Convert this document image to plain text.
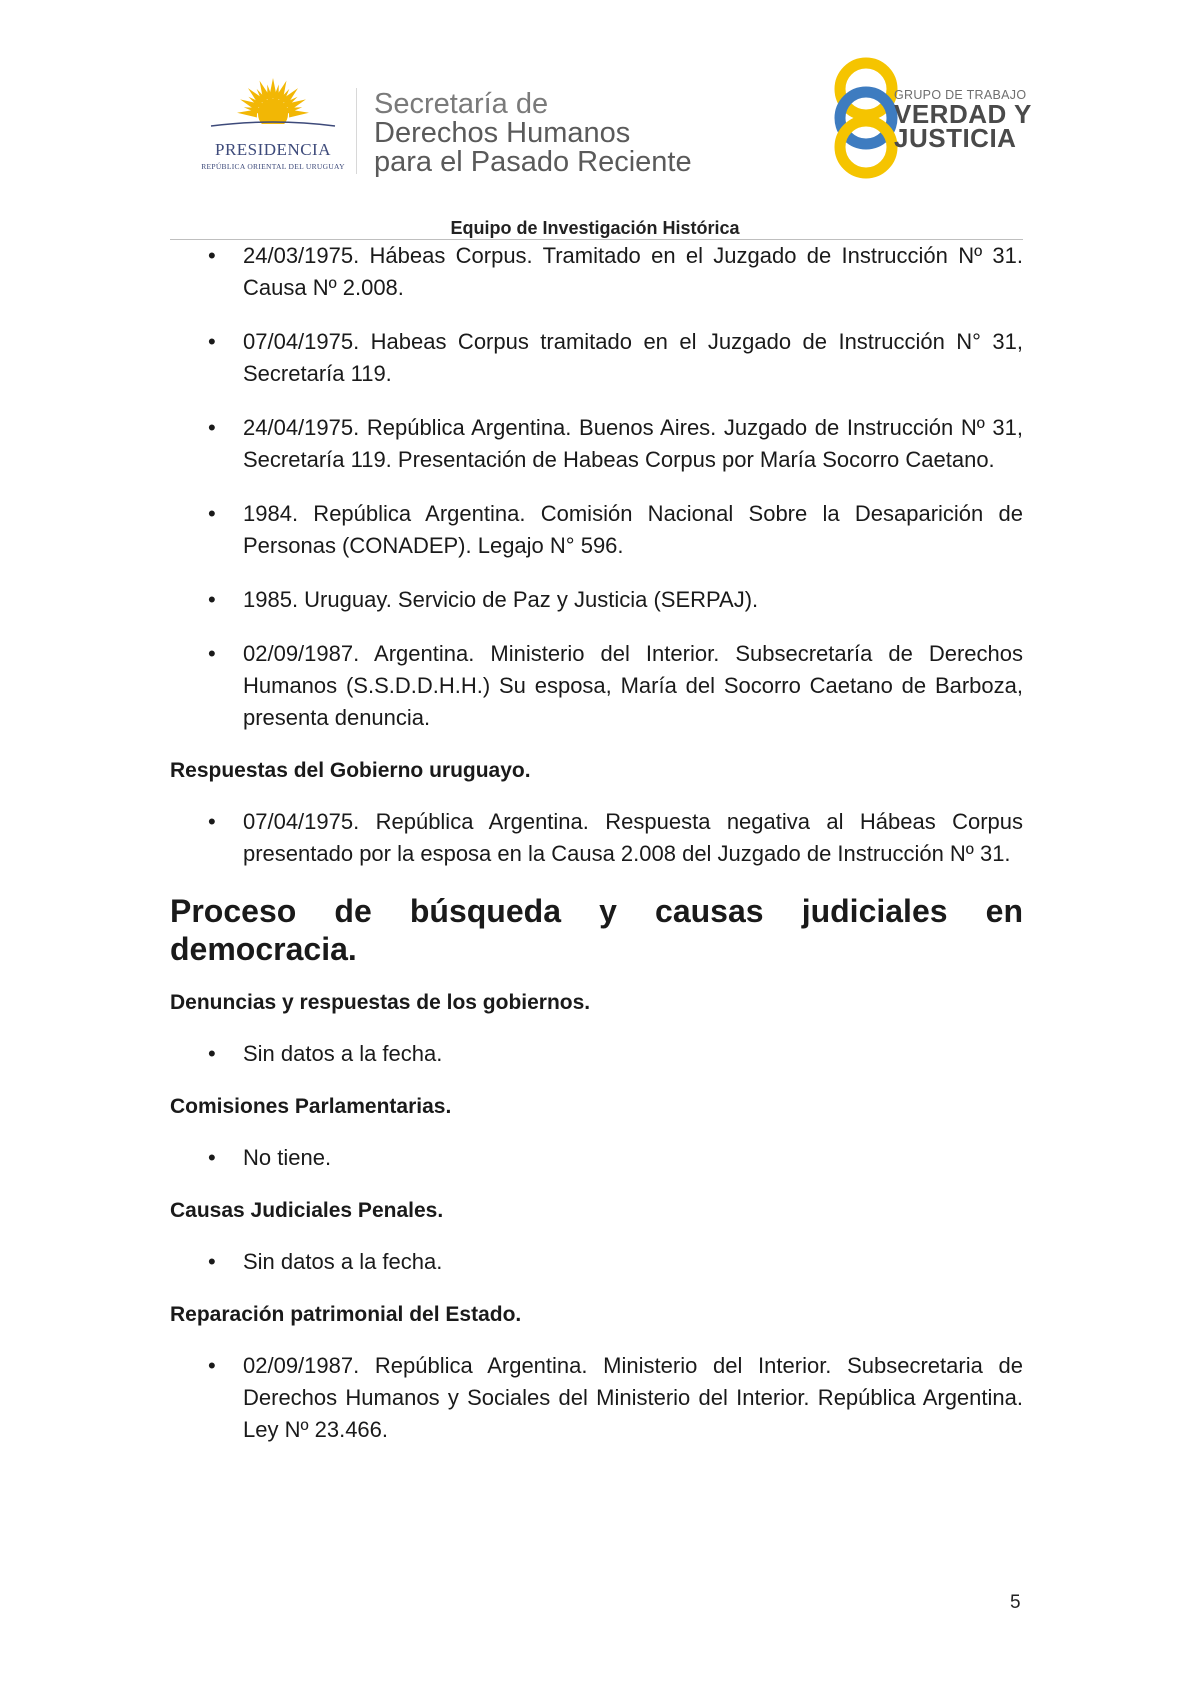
PRESIDENCIA
REPÚBLICA ORIENTAL DEL URUGUAY
Secretaría de
Derechos Humanos
para el Pasado Reciente
GRUPO DE TRABAJO
VERDAD Y
JUSTICIA
Equipo de Investigación Histórica
• 24/03/1975. Hábeas Corpus. Tramitado en el Juzgado de Instrucción Nº 31. Causa Nº 2.008.
• 07/04/1975. Habeas Corpus tramitado en el Juzgado de Instrucción N° 31, Secretaría 119.
• 24/04/1975. República Argentina. Buenos Aires. Juzgado de Instrucción Nº 31, Secretaría 119. Presentación de Habeas Corpus por María Socorro Caetano.
• 1984. República Argentina. Comisión Nacional Sobre la Desaparición de Personas (CONADEP). Legajo N° 596.
• 1985. Uruguay. Servicio de Paz y Justicia (SERPAJ).
• 02/09/1987. Argentina. Ministerio del Interior. Subsecretaría de Derechos Humanos (S.S.D.D.H.H.) Su esposa, María del Socorro Caetano de Barboza, presenta denuncia.
Respuestas del Gobierno uruguayo.
• 07/04/1975. República Argentina. Respuesta negativa al Hábeas Corpus presentado por la esposa en la Causa 2.008 del Juzgado de Instrucción Nº 31.
Proceso de búsqueda y causas judiciales en
democracia.
Denuncias y respuestas de los gobiernos.
• Sin datos a la fecha.
Comisiones Parlamentarias.
• No tiene.
Causas Judiciales Penales.
• Sin datos a la fecha.
Reparación patrimonial del Estado.
• 02/09/1987. República Argentina. Ministerio del Interior. Subsecretaria de Derechos Humanos y Sociales del Ministerio del Interior. República Argentina. Ley Nº 23.466.
5
